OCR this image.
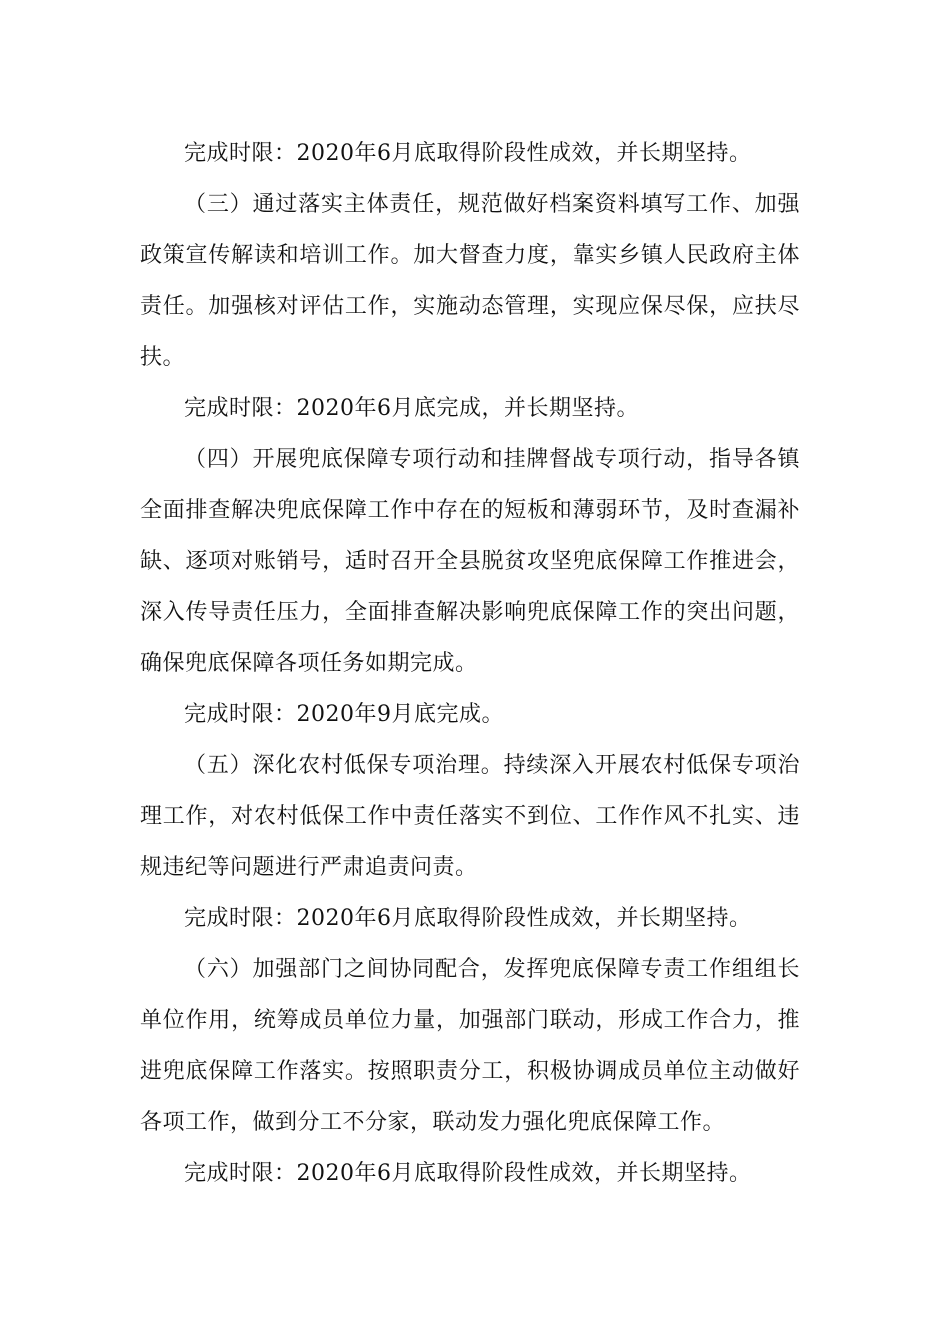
完成时限：2020年6月底取得阶段性成效，并长期坚持。

（三）通过落实主体责任，规范做好档案资料填写工作、加强政策宣传解读和培训工作。加大督查力度，靠实乡镇人民政府主体责任。加强核对评估工作，实施动态管理，实现应保尽保，应扶尽扶。

完成时限：2020年6月底完成，并长期坚持。

（四）开展兜底保障专项行动和挂牌督战专项行动，指导各镇全面排查解决兜底保障工作中存在的短板和薄弱环节，及时查漏补缺、逐项对账销号，适时召开全县脱贫攻坚兜底保障工作推进会，深入传导责任压力，全面排查解决影响兜底保障工作的突出问题，确保兜底保障各项任务如期完成。

完成时限：2020年9月底完成。

（五）深化农村低保专项治理。持续深入开展农村低保专项治理工作，对农村低保工作中责任落实不到位、工作作风不扎实、违规违纪等问题进行严肃追责问责。

完成时限：2020年6月底取得阶段性成效，并长期坚持。

（六）加强部门之间协同配合，发挥兜底保障专责工作组组长单位作用，统筹成员单位力量，加强部门联动，形成工作合力，推进兜底保障工作落实。按照职责分工，积极协调成员单位主动做好各项工作，做到分工不分家，联动发力强化兜底保障工作。

完成时限：2020年6月底取得阶段性成效，并长期坚持。
